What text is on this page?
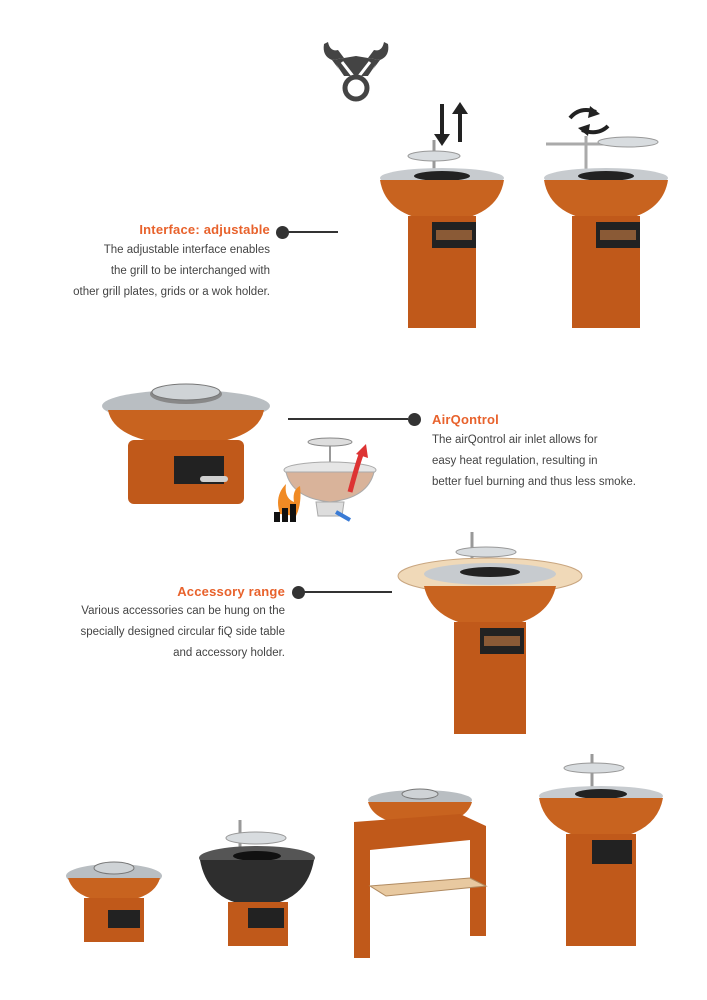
Interface: adjustable
The adjustable interface enables
the grill to be interchanged with
other grill plates, grids or a wok holder.
AirQontrol
The airQontrol air inlet allows for
easy heat regulation, resulting in
better fuel burning and thus less smoke.
Accessory range
Various accessories can be hung on the
specially designed circular fiQ side table
and accessory holder.
